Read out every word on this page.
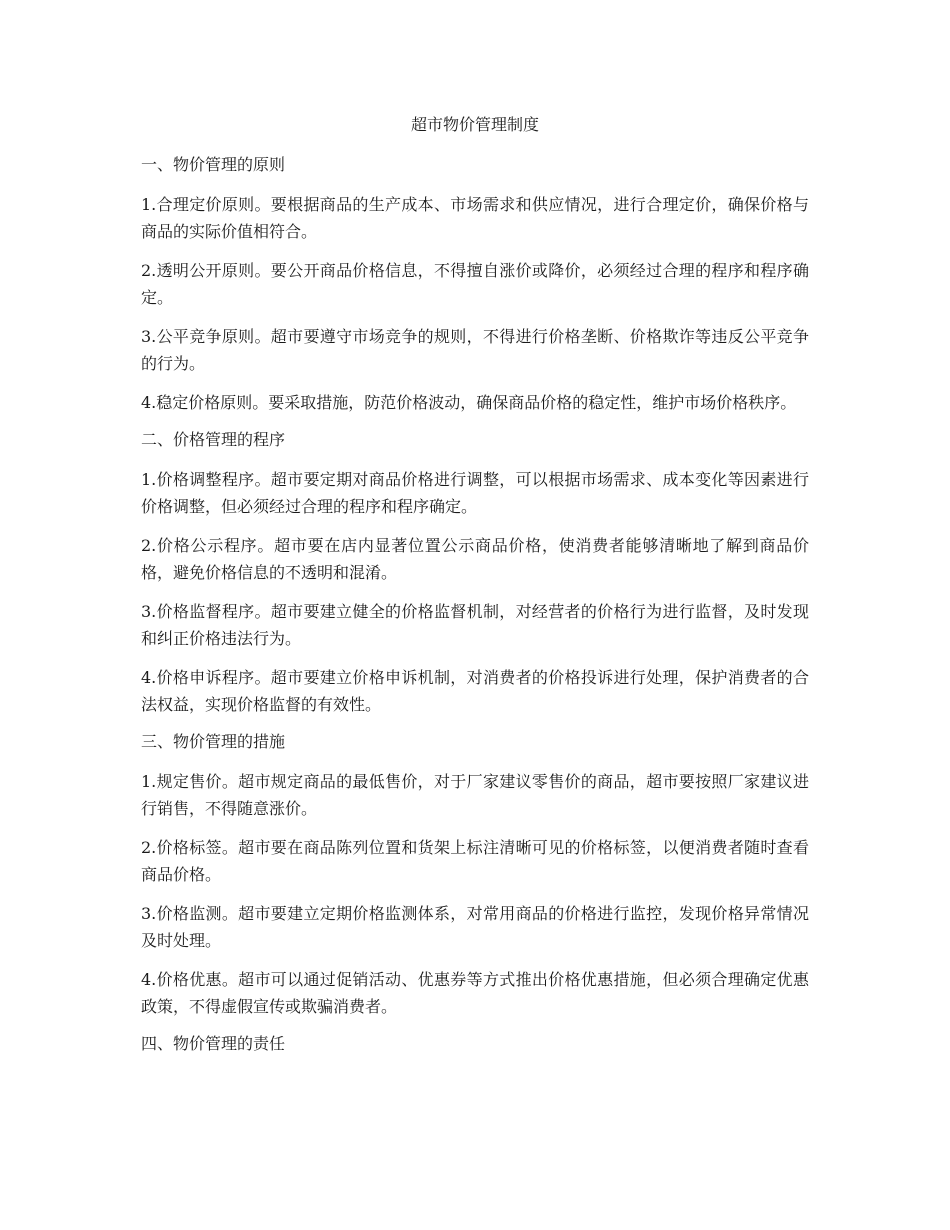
超市物价管理制度

一、物价管理的原则

1.合理定价原则。要根据商品的生产成本、市场需求和供应情况，进行合理定价，确保价格与商品的实际价值相符合。

2.透明公开原则。要公开商品价格信息，不得擅自涨价或降价，必须经过合理的程序和程序确定。

3.公平竞争原则。超市要遵守市场竞争的规则，不得进行价格垄断、价格欺诈等违反公平竞争的行为。

4.稳定价格原则。要采取措施，防范价格波动，确保商品价格的稳定性，维护市场价格秩序。

二、价格管理的程序

1.价格调整程序。超市要定期对商品价格进行调整，可以根据市场需求、成本变化等因素进行价格调整，但必须经过合理的程序和程序确定。

2.价格公示程序。超市要在店内显著位置公示商品价格，使消费者能够清晰地了解到商品价格，避免价格信息的不透明和混淆。

3.价格监督程序。超市要建立健全的价格监督机制，对经营者的价格行为进行监督，及时发现和纠正价格违法行为。

4.价格申诉程序。超市要建立价格申诉机制，对消费者的价格投诉进行处理，保护消费者的合法权益，实现价格监督的有效性。

三、物价管理的措施

1.规定售价。超市规定商品的最低售价，对于厂家建议零售价的商品，超市要按照厂家建议进行销售，不得随意涨价。

2.价格标签。超市要在商品陈列位置和货架上标注清晰可见的价格标签，以便消费者随时查看商品价格。

3.价格监测。超市要建立定期价格监测体系，对常用商品的价格进行监控，发现价格异常情况及时处理。

4.价格优惠。超市可以通过促销活动、优惠券等方式推出价格优惠措施，但必须合理确定优惠政策，不得虚假宣传或欺骗消费者。

四、物价管理的责任
